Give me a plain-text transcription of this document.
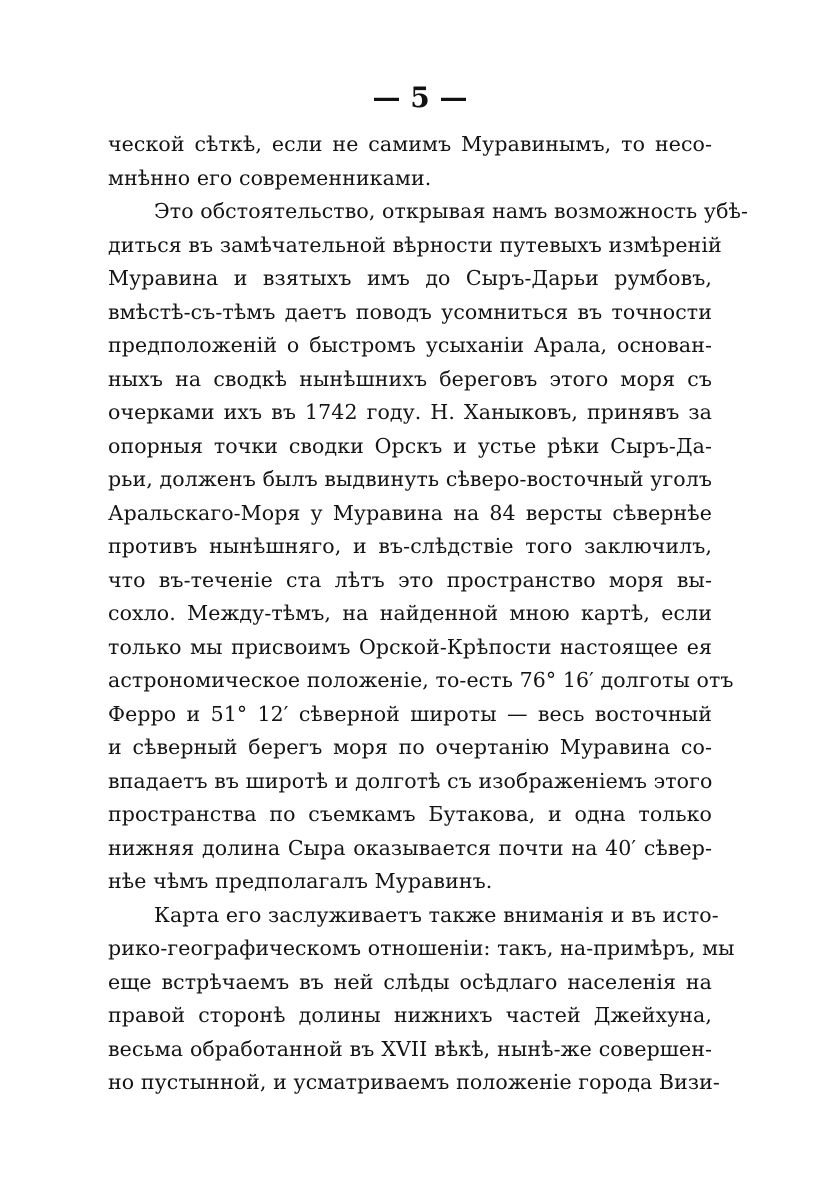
— 5 —
ческой сѣткѣ, если не самимъ Муравинымъ, то несо-
мнѣнно его современниками.
Это обстоятельство, открывая намъ возможность убѣ-
диться въ замѣчательной вѣрности путевыхъ измѣреній
Муравина и взятыхъ имъ до Сыръ-Дарьи румбовъ,
вмѣстѣ-съ-тѣмъ даетъ поводъ усомниться въ точности
предположеній о быстромъ усыханіи Арала, основан-
ныхъ на сводкѣ нынѣшнихъ береговъ этого моря съ
очерками ихъ въ 1742 году. Н. Ханыковъ, принявъ за
опорныя точки сводки Орскъ и устье рѣки Сыръ-Да-
рьи, долженъ былъ выдвинуть сѣверо-восточный уголъ
Аральскаго-Моря у Муравина на 84 версты сѣвернѣе
противъ нынѣшняго, и въ-слѣдствіе того заключилъ,
что въ-теченіе ста лѣтъ это пространство моря вы-
сохло. Между-тѣмъ, на найденной мною картѣ, если
только мы присвоимъ Орской-Крѣпости настоящее ея
астрономическое положеніе, то-есть 76° 16′ долготы отъ
Ферро и 51° 12′ сѣверной широты — весь восточный
и сѣверный берегъ моря по очертанію Муравина со-
впадаетъ въ широтѣ и долготѣ съ изображеніемъ этого
пространства по съемкамъ Бутакова, и одна только
нижняя долина Сыра оказывается почти на 40′ сѣвер-
нѣе чѣмъ предполагалъ Муравинъ.
Карта его заслуживаетъ также вниманія и въ исто-
рико-географическомъ отношеніи: такъ, на-примѣръ, мы
еще встрѣчаемъ въ ней слѣды осѣдлаго населенія на
правой сторонѣ долины нижнихъ частей Джейхуна,
весьма обработанной въ XVII вѣкѣ, нынѣ-же совершен-
но пустынной, и усматриваемъ положеніе города Визи-
